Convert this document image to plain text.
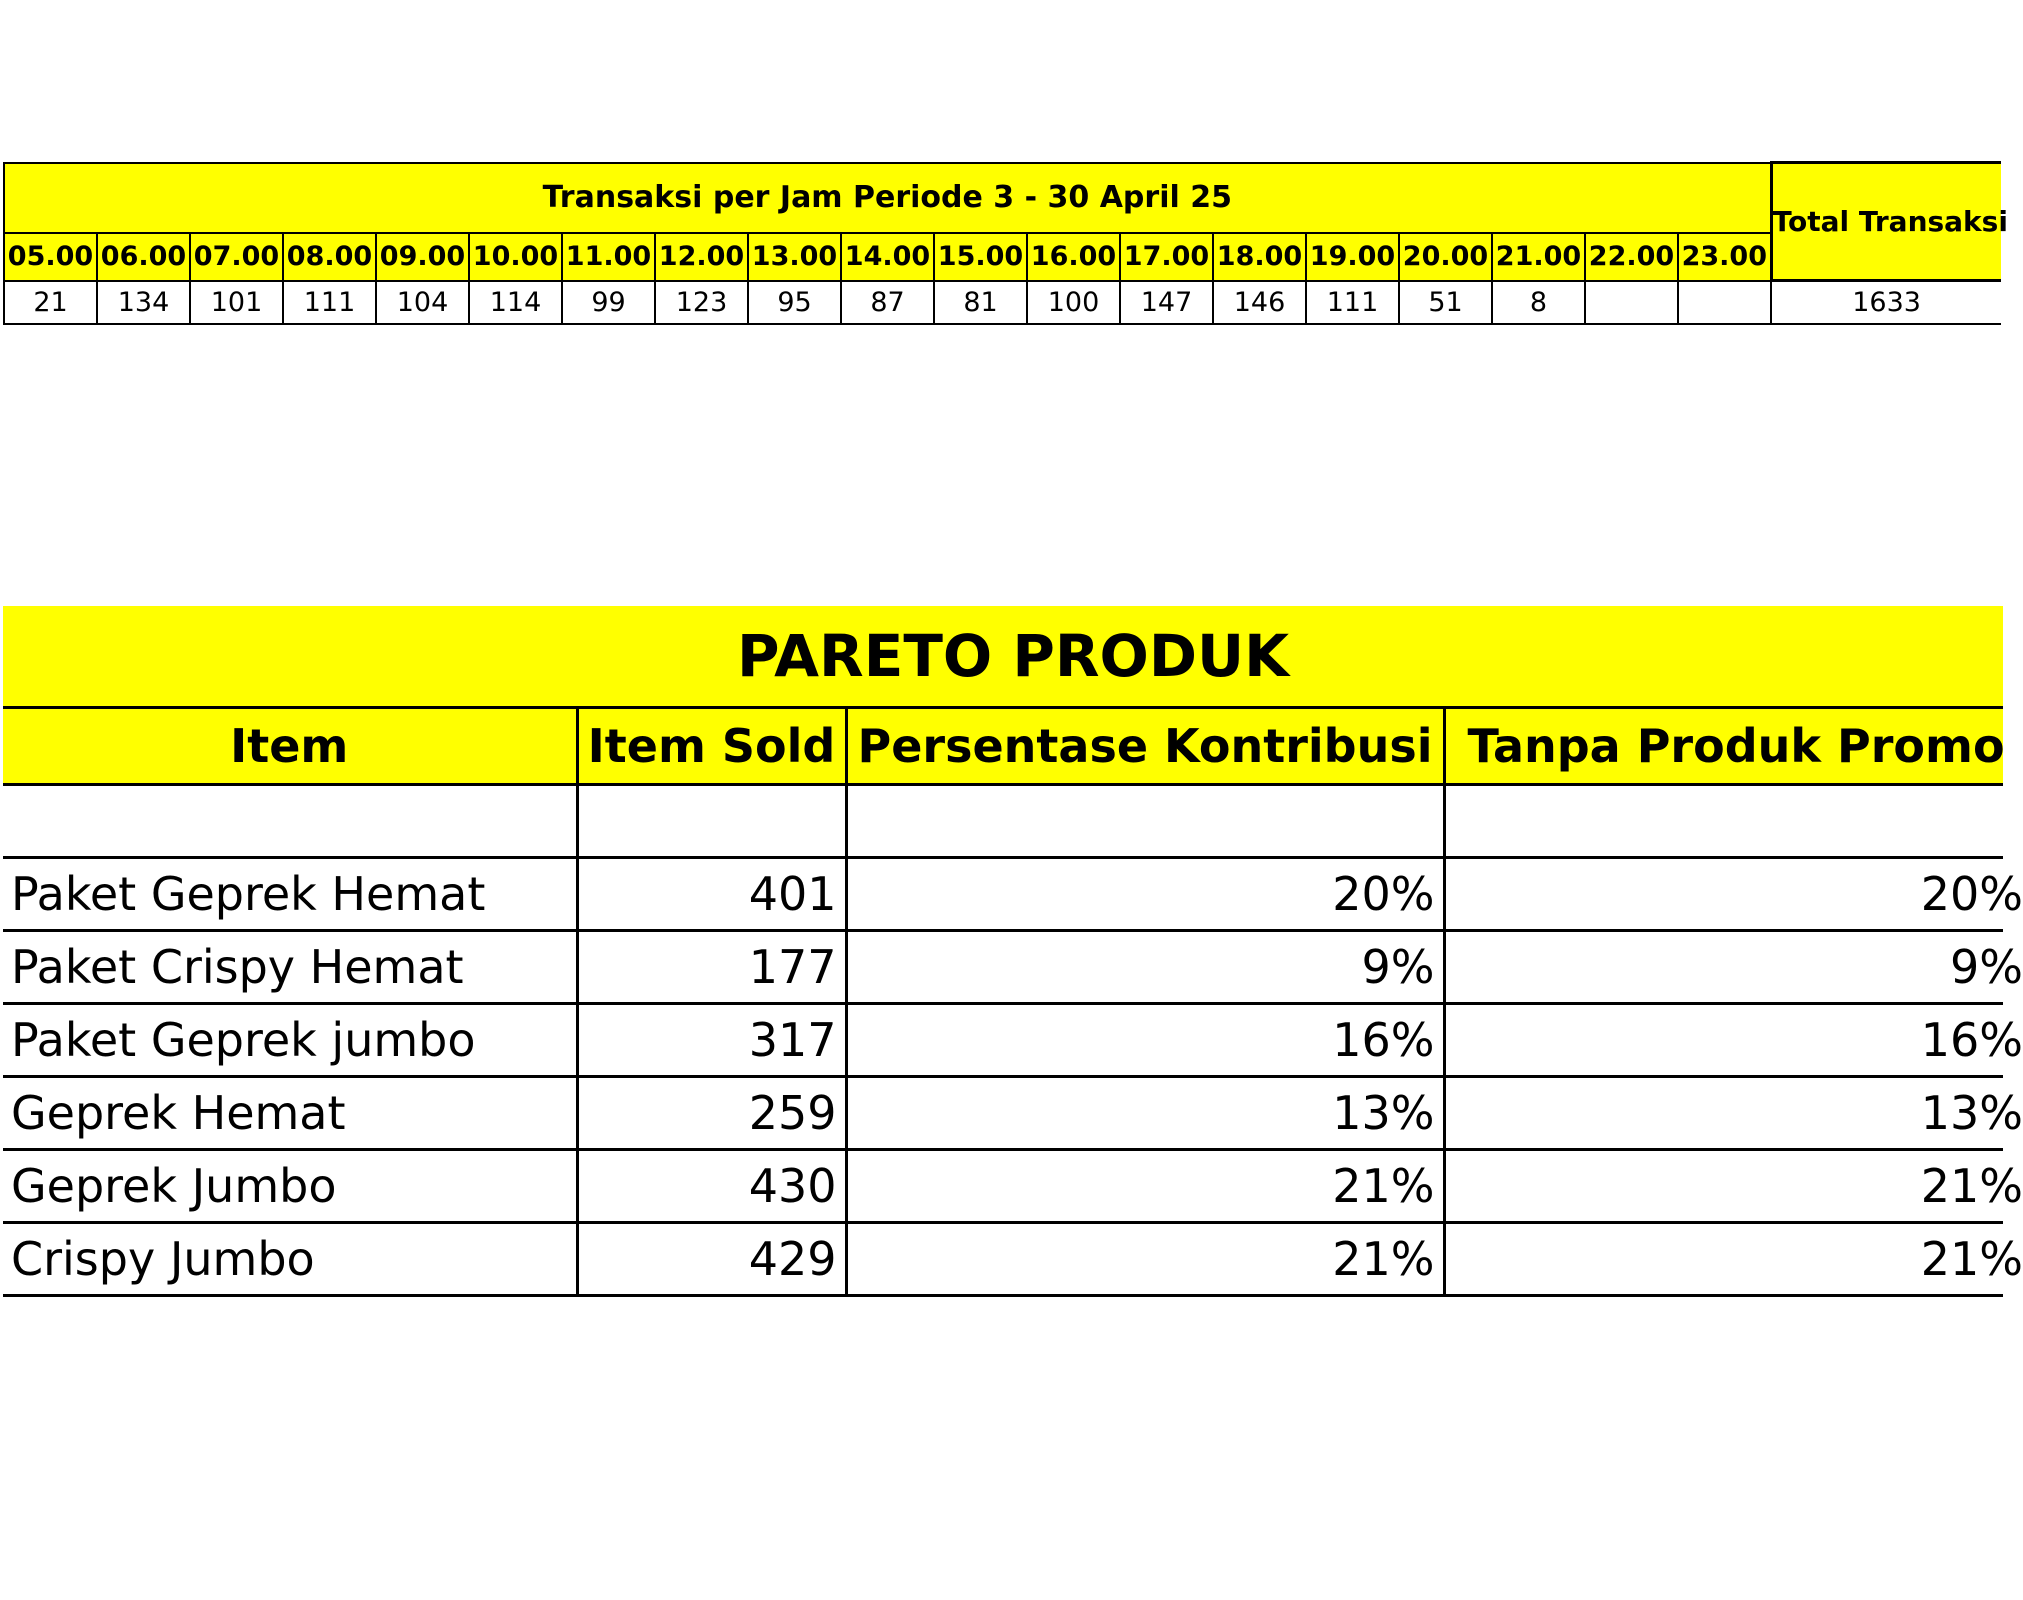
Transaksi per Jam Periode 3 - 30 April 25																			Total Transaksi
05.00	06.00	07.00	08.00	09.00	10.00	11.00	12.00	13.00	14.00	15.00	16.00	17.00	18.00	19.00	20.00	21.00	22.00	23.00	
21	134	101	111	104	114	99	123	95	87	81	100	147	146	111	51	8			1633
PARETO PRODUK			
Item	Item Sold	Persentase Kontribusi	Tanpa Produk Promo

Paket Geprek Hemat	401	20%	20%
Paket Crispy Hemat	177	9%	9%
Paket Geprek jumbo	317	16%	16%
Geprek Hemat	259	13%	13%
Geprek Jumbo	430	21%	21%
Crispy Jumbo	429	21%	21%
